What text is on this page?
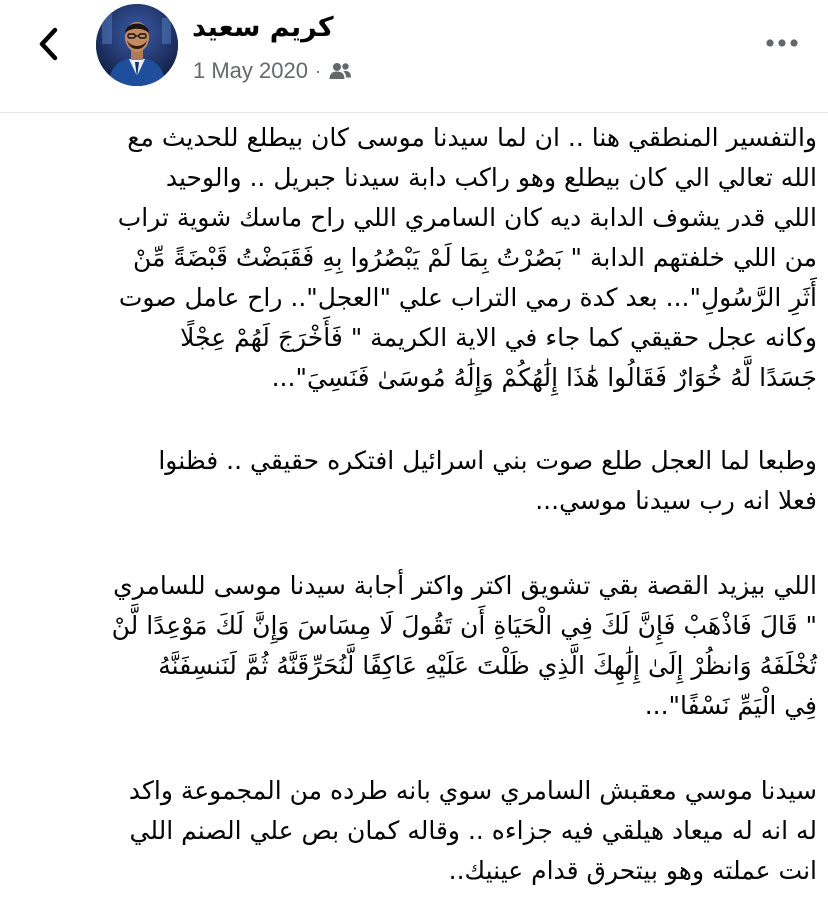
كريم سعيد
1 May 2020 ·
والتفسير المنطقي هنا .. ان لما سيدنا موسى كان بيطلع للحديث مع
الله تعالي الي كان بيطلع وهو راكب دابة سيدنا جبريل .. والوحيد
اللي قدر يشوف الدابة ديه كان السامري اللي راح ماسك شوية تراب
من اللي خلفتهم الدابة " بَصُرْتُ بِمَا لَمْ يَبْصُرُوا بِهِ فَقَبَضْتُ قَبْضَةً مِّنْ
أَثَرِ الرَّسُولِ"... بعد كدة رمي التراب علي "العجل".. راح عامل صوت
وكانه عجل حقيقي كما جاء في الاية الكريمة " فَأَخْرَجَ لَهُمْ عِجْلًا
جَسَدًا لَّهُ خُوَارٌ فَقَالُوا هَٰذَا إِلَٰهُكُمْ وَإِلَٰهُ مُوسَىٰ فَنَسِيَ"...
وطبعا لما العجل طلع صوت بني اسرائيل افتكره حقيقي .. فظنوا
فعلا انه رب سيدنا موسي...
اللي بيزيد القصة بقي تشويق اكتر واكتر أجابة سيدنا موسى للسامري
" قَالَ فَاذْهَبْ فَإِنَّ لَكَ فِي الْحَيَاةِ أَن تَقُولَ لَا مِسَاسَ وَإِنَّ لَكَ مَوْعِدًا لَّنْ
تُخْلَفَهُ وَانظُرْ إِلَىٰ إِلَٰهِكَ الَّذِي ظَلْتَ عَلَيْهِ عَاكِفًا لَّنُحَرِّقَنَّهُ ثُمَّ لَنَنسِفَنَّهُ
فِي الْيَمِّ نَسْفًا"...
سيدنا موسي معقبش السامري سوي بانه طرده من المجموعة واكد
له انه له ميعاد هيلقي فيه جزاءه .. وقاله كمان بص علي الصنم اللي
انت عملته وهو بيتحرق قدام عينيك..
